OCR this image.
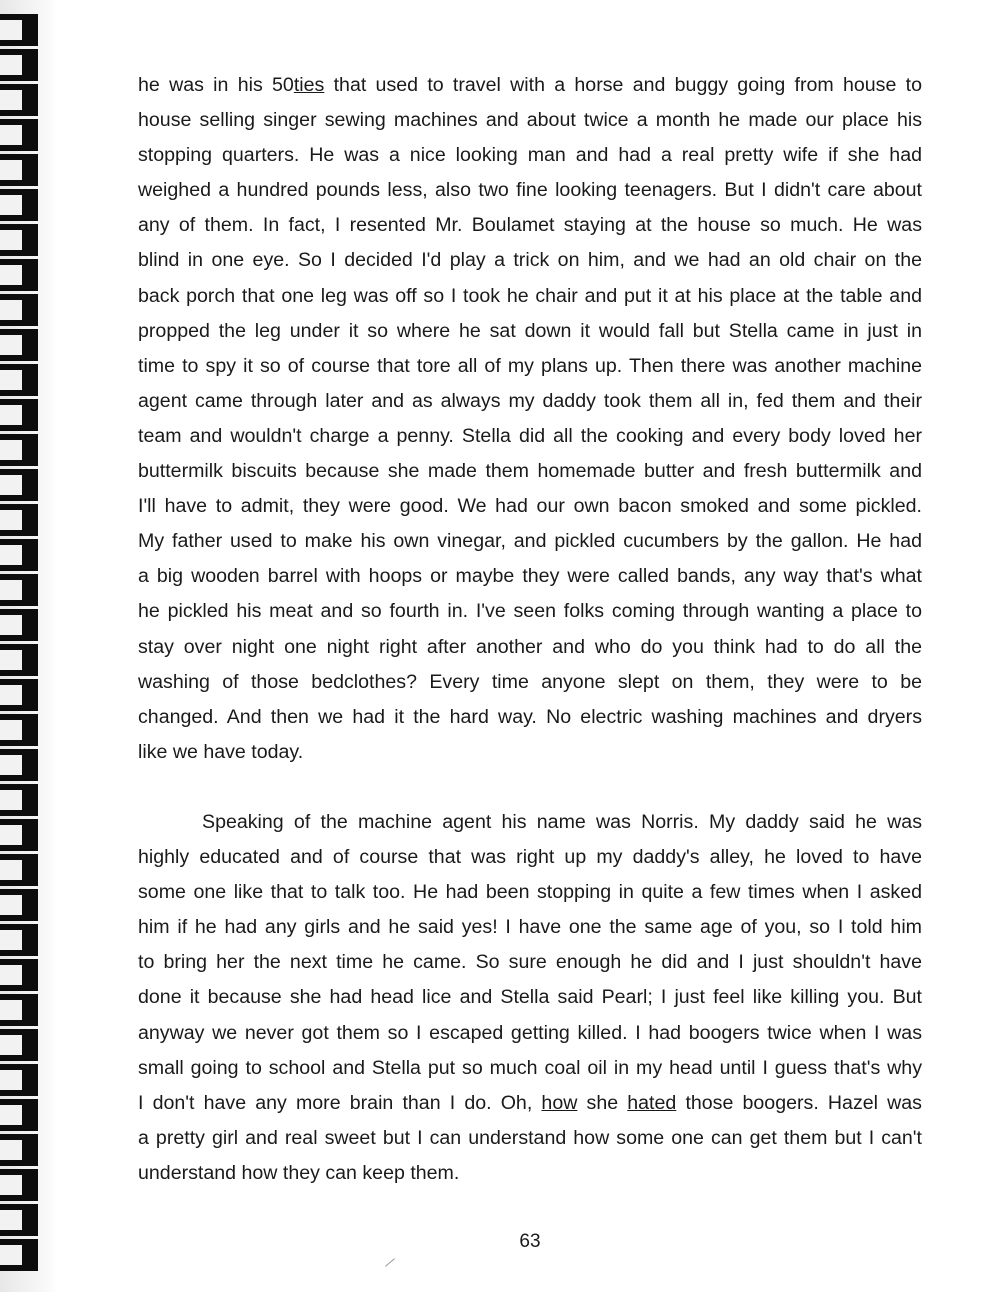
he was in his 50ties that used to travel with a horse and buggy going from house to
house selling singer sewing machines and about twice a month he made our place his
stopping quarters. He was a nice looking man and had a real pretty wife if she had
weighed a hundred pounds less, also two fine looking teenagers. But I didn't care about
any of them. In fact, I resented Mr. Boulamet staying at the house so much. He was
blind in one eye. So I decided I'd play a trick on him, and we had an old chair on the
back porch that one leg was off so I took he chair and put it at his place at the table and
propped the leg under it so where he sat down it would fall but Stella came in just in
time to spy it so of course that tore all of my plans up. Then there was another machine
agent came through later and as always my daddy took them all in, fed them and their
team and wouldn't charge a penny. Stella did all the cooking and every body loved her
buttermilk biscuits because she made them homemade butter and fresh buttermilk and
I'll have to admit, they were good. We had our own bacon smoked and some pickled.
My father used to make his own vinegar, and pickled cucumbers by the gallon. He had
a big wooden barrel with hoops or maybe they were called bands, any way that's what
he pickled his meat and so fourth in. I've seen folks coming through wanting a place to
stay over night one night right after another and who do you think had to do all the
washing of those bedclothes? Every time anyone slept on them, they were to be
changed. And then we had it the hard way. No electric washing machines and dryers
like we have today.
Speaking of the machine agent his name was Norris. My daddy said he was
highly educated and of course that was right up my daddy's alley, he loved to have
some one like that to talk too. He had been stopping in quite a few times when I asked
him if he had any girls and he said yes! I have one the same age of you, so I told him
to bring her the next time he came. So sure enough he did and I just shouldn't have
done it because she had head lice and Stella said Pearl; I just feel like killing you. But
anyway we never got them so I escaped getting killed. I had boogers twice when I was
small going to school and Stella put so much coal oil in my head until I guess that's why
I don't have any more brain than I do. Oh, how she hated those boogers. Hazel was
a pretty girl and real sweet but I can understand how some one can get them but I can't
understand how they can keep them.
63
